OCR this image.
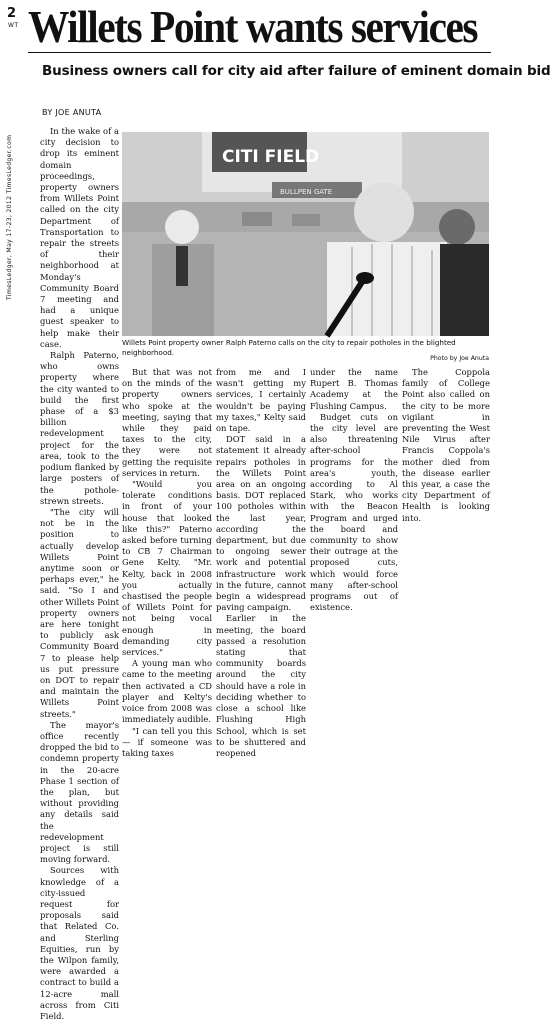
2
WT Willets Point wants services
Business owners call for city aid after failure of eminent domain bid
TimesLedger, May 17-23, 2012 TimesLedger.com
BY JOE ANUTA

In the wake of a city decision to drop its eminent domain proceedings, property owners from Willets Point called on the city Department of Transportation to repair the streets of their neighborhood at Monday's Community Board 7 meeting and had a unique guest speaker to help make their case.

Ralph Paterno, who owns property where the city wanted to build the first phase of a $3 billion redevelopment project for the area, took to the podium flanked by large posters of the pothole-strewn streets.

"The city will not be in the position to actually develop Willets Point anytime soon or perhaps ever," he said. "So I and other Willets Point property owners are here tonight to publicly ask Community Board 7 to please help us put pressure on DOT to repair and maintain the Willets Point streets."

The mayor's office recently dropped the bid to condemn property in the 20-acre Phase 1 section of the plan, but without providing any details said the redevelopment project is still moving forward.

Sources with knowledge of a city-issued request for proposals said that Related Co. and Sterling Equities, run by the Wilpon family, were awarded a contract to build a 12-acre mall across from Citi Field.

CITI FIELD
BULLPEN GATE

Willets Point property owner Ralph Paterno calls on the city to repair potholes in the blighted neighborhood.

Photo by Joe Anuta

But that was not on the minds of the property owners who spoke at the meeting, saying that while they paid taxes to the city, they were not getting the requisite services in return.

"Would you tolerate conditions in front of your house that looked like this?" Paterno asked before turning to CB 7 Chairman Gene Kelty. "Mr. Kelty, back in 2008 you actually chastised the people of Willets Point for not being vocal enough in demanding city services."

A young man who came to the meeting then activated a CD player and Kelty's voice from 2008 was immediately audible.

"I can tell you this — if someone was taking taxes

from me and I wasn't getting my services, I certainly wouldn't be paying my taxes," Kelty said on tape.

DOT said in a statement it already repairs potholes in the Willets Point area on an ongoing basis. DOT replaced 100 potholes within the last year, according the department, but due to ongoing sewer work and potential infrastructure work in the future, cannot begin a widespread paving campaign.

Earlier in the meeting, the board passed a resolution stating that community boards around the city should have a role in deciding whether to close a school like Flushing High School, which is set to be shuttered and reopened

under the name Rupert B. Thomas Academy at the Flushing Campus.

Budget cuts on the city level are also threatening after-school programs for the area's youth, according to Al Stark, who works with the Beacon Program and urged the board and community to show their outrage at the proposed cuts, which would force many after-school programs out of existence.

The Coppola family of College Point also called on the city to be more vigilant in preventing the West Nile Virus after Francis Coppola's mother died from the disease earlier this year, a case the city Department of Health is looking into.
